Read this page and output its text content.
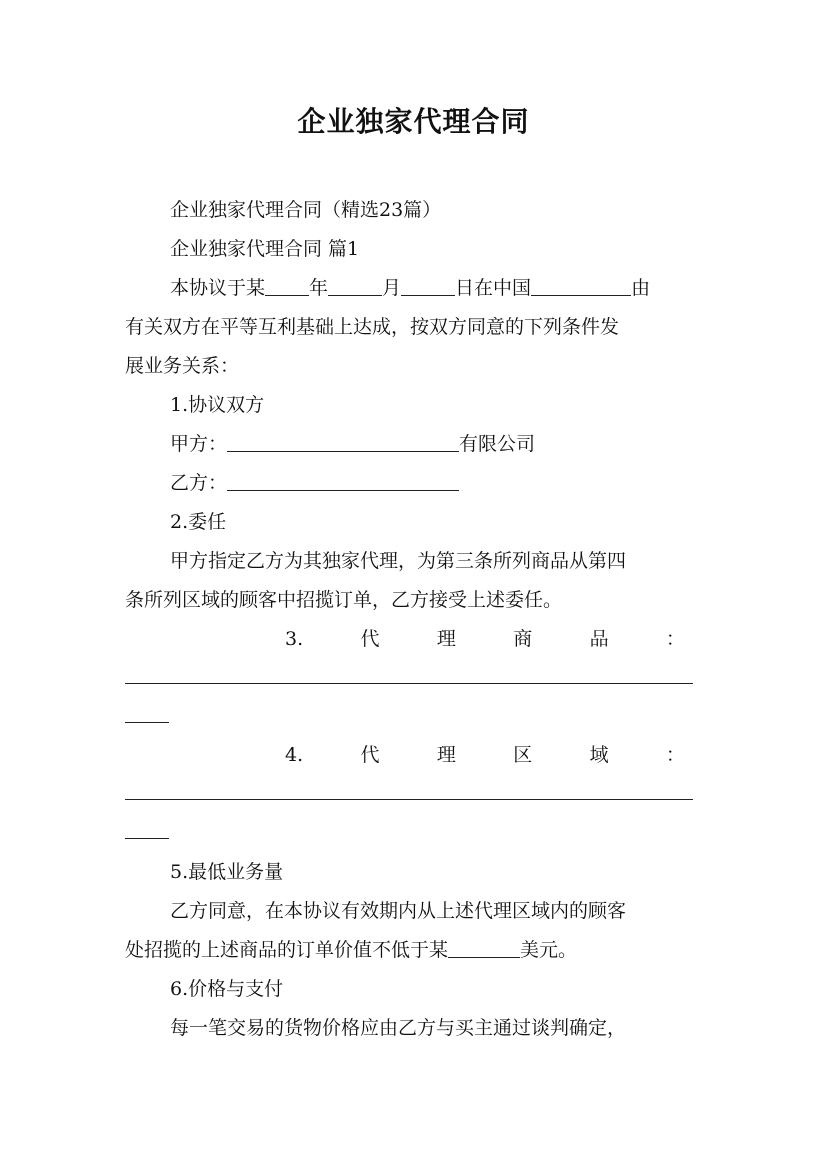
企业独家代理合同
企业独家代理合同（精选23篇）
企业独家代理合同 篇1
本协议于某 年	月	日在中国	由
有关双方在平等互利基础上达成，按双方同意的下列条件发
展业务关系：
1.协议双方
甲方：	有限公司
乙方：
2.委任
甲方指定乙方为其独家代理，为第三条所列商品从第四
条所列区域的顾客中招揽订单，乙方接受上述委任。
3.	代	理	商	品	：
4.	代	理	区	域	：
5.最低业务量
乙方同意，在本协议有效期内从上述代理区域内的顾客
处招揽的上述商品的订单价值不低于某	美元。
6.价格与支付
每一笔交易的货物价格应由乙方与买主通过谈判确定，
